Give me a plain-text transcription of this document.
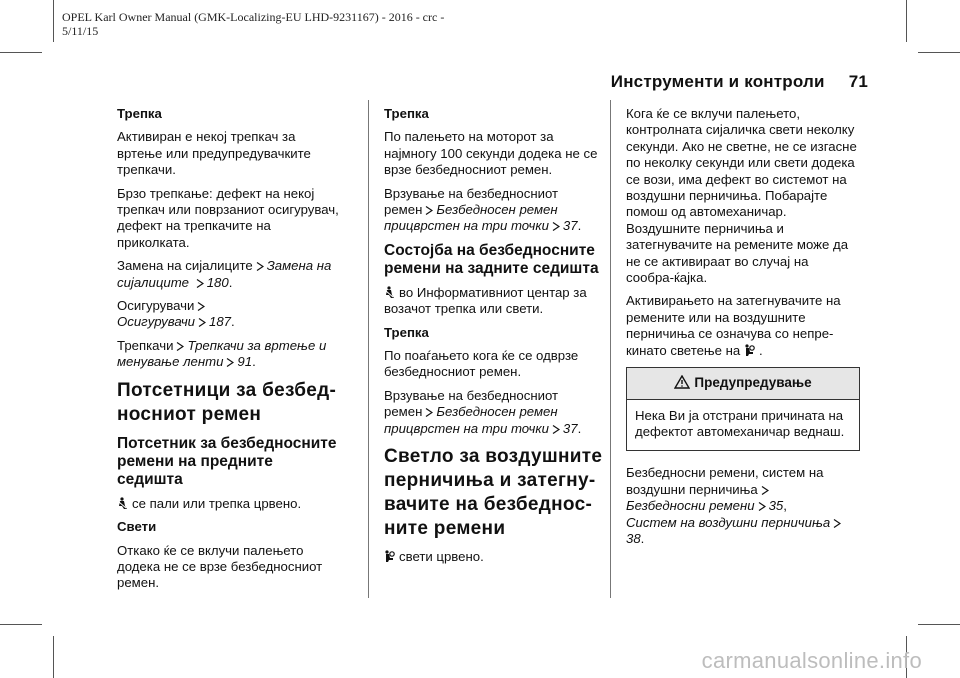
OPEL Karl Owner Manual (GMK-Localizing-EU LHD-9231167) - 2016 - crc -
5/11/15
Инструменти и контроли 71
Трепка

Активиран е некој трепкач за вртење или предупредувачките трепкачи.

Брзо трепкање: дефект на некој трепкач или поврзаниот осигурувач, дефект на трепкачите на приколката.

Замена на сијалиците Замена на сијалиците 180.

Осигурувачи
Осигурувачи 187.

Трепкачи Трепкачи за вртење и менување ленти 91.

Потсетници за безбед-носниот ремен
Потсетник за безбедносните ремени на предните седишта

се пали или трепка црвено.

Свети

Откако ќе се вклучи палењето додека не се врзе безбедносниот ремен.

Трепка

По палењето на моторот за најмногу 100 секунди додека не се врзе безбедносниот ремен.

Врзување на безбедносниот
ремен Безбедносен ремен прицврстен на три точки 37.

Состојба на безбедносните ремени на задните седишта

во Информативниот центар за возачот трепка или свети.

Трепка

По поаѓањето кога ќе се одврзе безбедносниот ремен.

Врзување на безбедносниот
ремен Безбедносен ремен прицврстен на три точки 37.

Светло за воздушните перничиња и затегну-вачите на безбеднос-ните ремени

свети црвено.

Кога ќе се вклучи палењето, контролната сијаличка свети неколку секунди. Ако не светне, не се изгасне по неколку секунди или свети додека се вози, има дефект во системот на воздушни перничиња. Побарајте помош од автомеханичар. Воздушните перничиња и затегнувачите на ремените може да не се активираат во случај на сообра-ќајка.

Активирањето на затегнувачите на ремените или на воздушните перничиња се означува со непре-кинато светење на .

Предупредување
Нека Ви ја отстрани причината на дефектот автомеханичар веднаш.

Безбедносни ремени, систем на
воздушни перничиња
Безбедносни ремени 35,
Систем на воздушни перничиња38.

carmanualsonline.info
